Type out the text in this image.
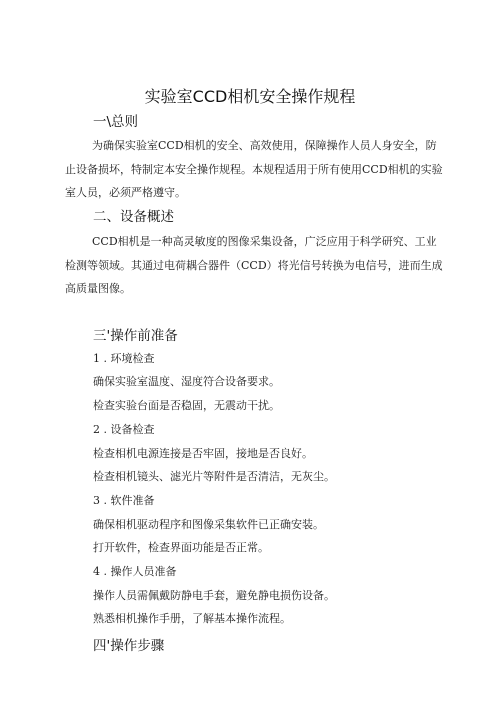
实验室CCD相机安全操作规程
一\总则
为确保实验室CCD相机的安全、高效使用，保障操作人员人身安全，防止设备损坏，特制定本安全操作规程。本规程适用于所有使用CCD相机的实验室人员，必须严格遵守。
二、设备概述
CCD相机是一种高灵敏度的图像采集设备，广泛应用于科学研究、工业检测等领域。其通过电荷耦合器件（CCD）将光信号转换为电信号，进而生成高质量图像。
三'操作前准备
1 . 环境检查
确保实验室温度、湿度符合设备要求。
检查实验台面是否稳固，无震动干扰。
2 . 设备检查
检查相机电源连接是否牢固，接地是否良好。
检查相机镜头、滤光片等附件是否清洁，无灰尘。
3 . 软件准备
确保相机驱动程序和图像采集软件已正确安装。
打开软件，检查界面功能是否正常。
4 . 操作人员准备
操作人员需佩戴防静电手套，避免静电损伤设备。
熟悉相机操作手册，了解基本操作流程。
四'操作步骤
